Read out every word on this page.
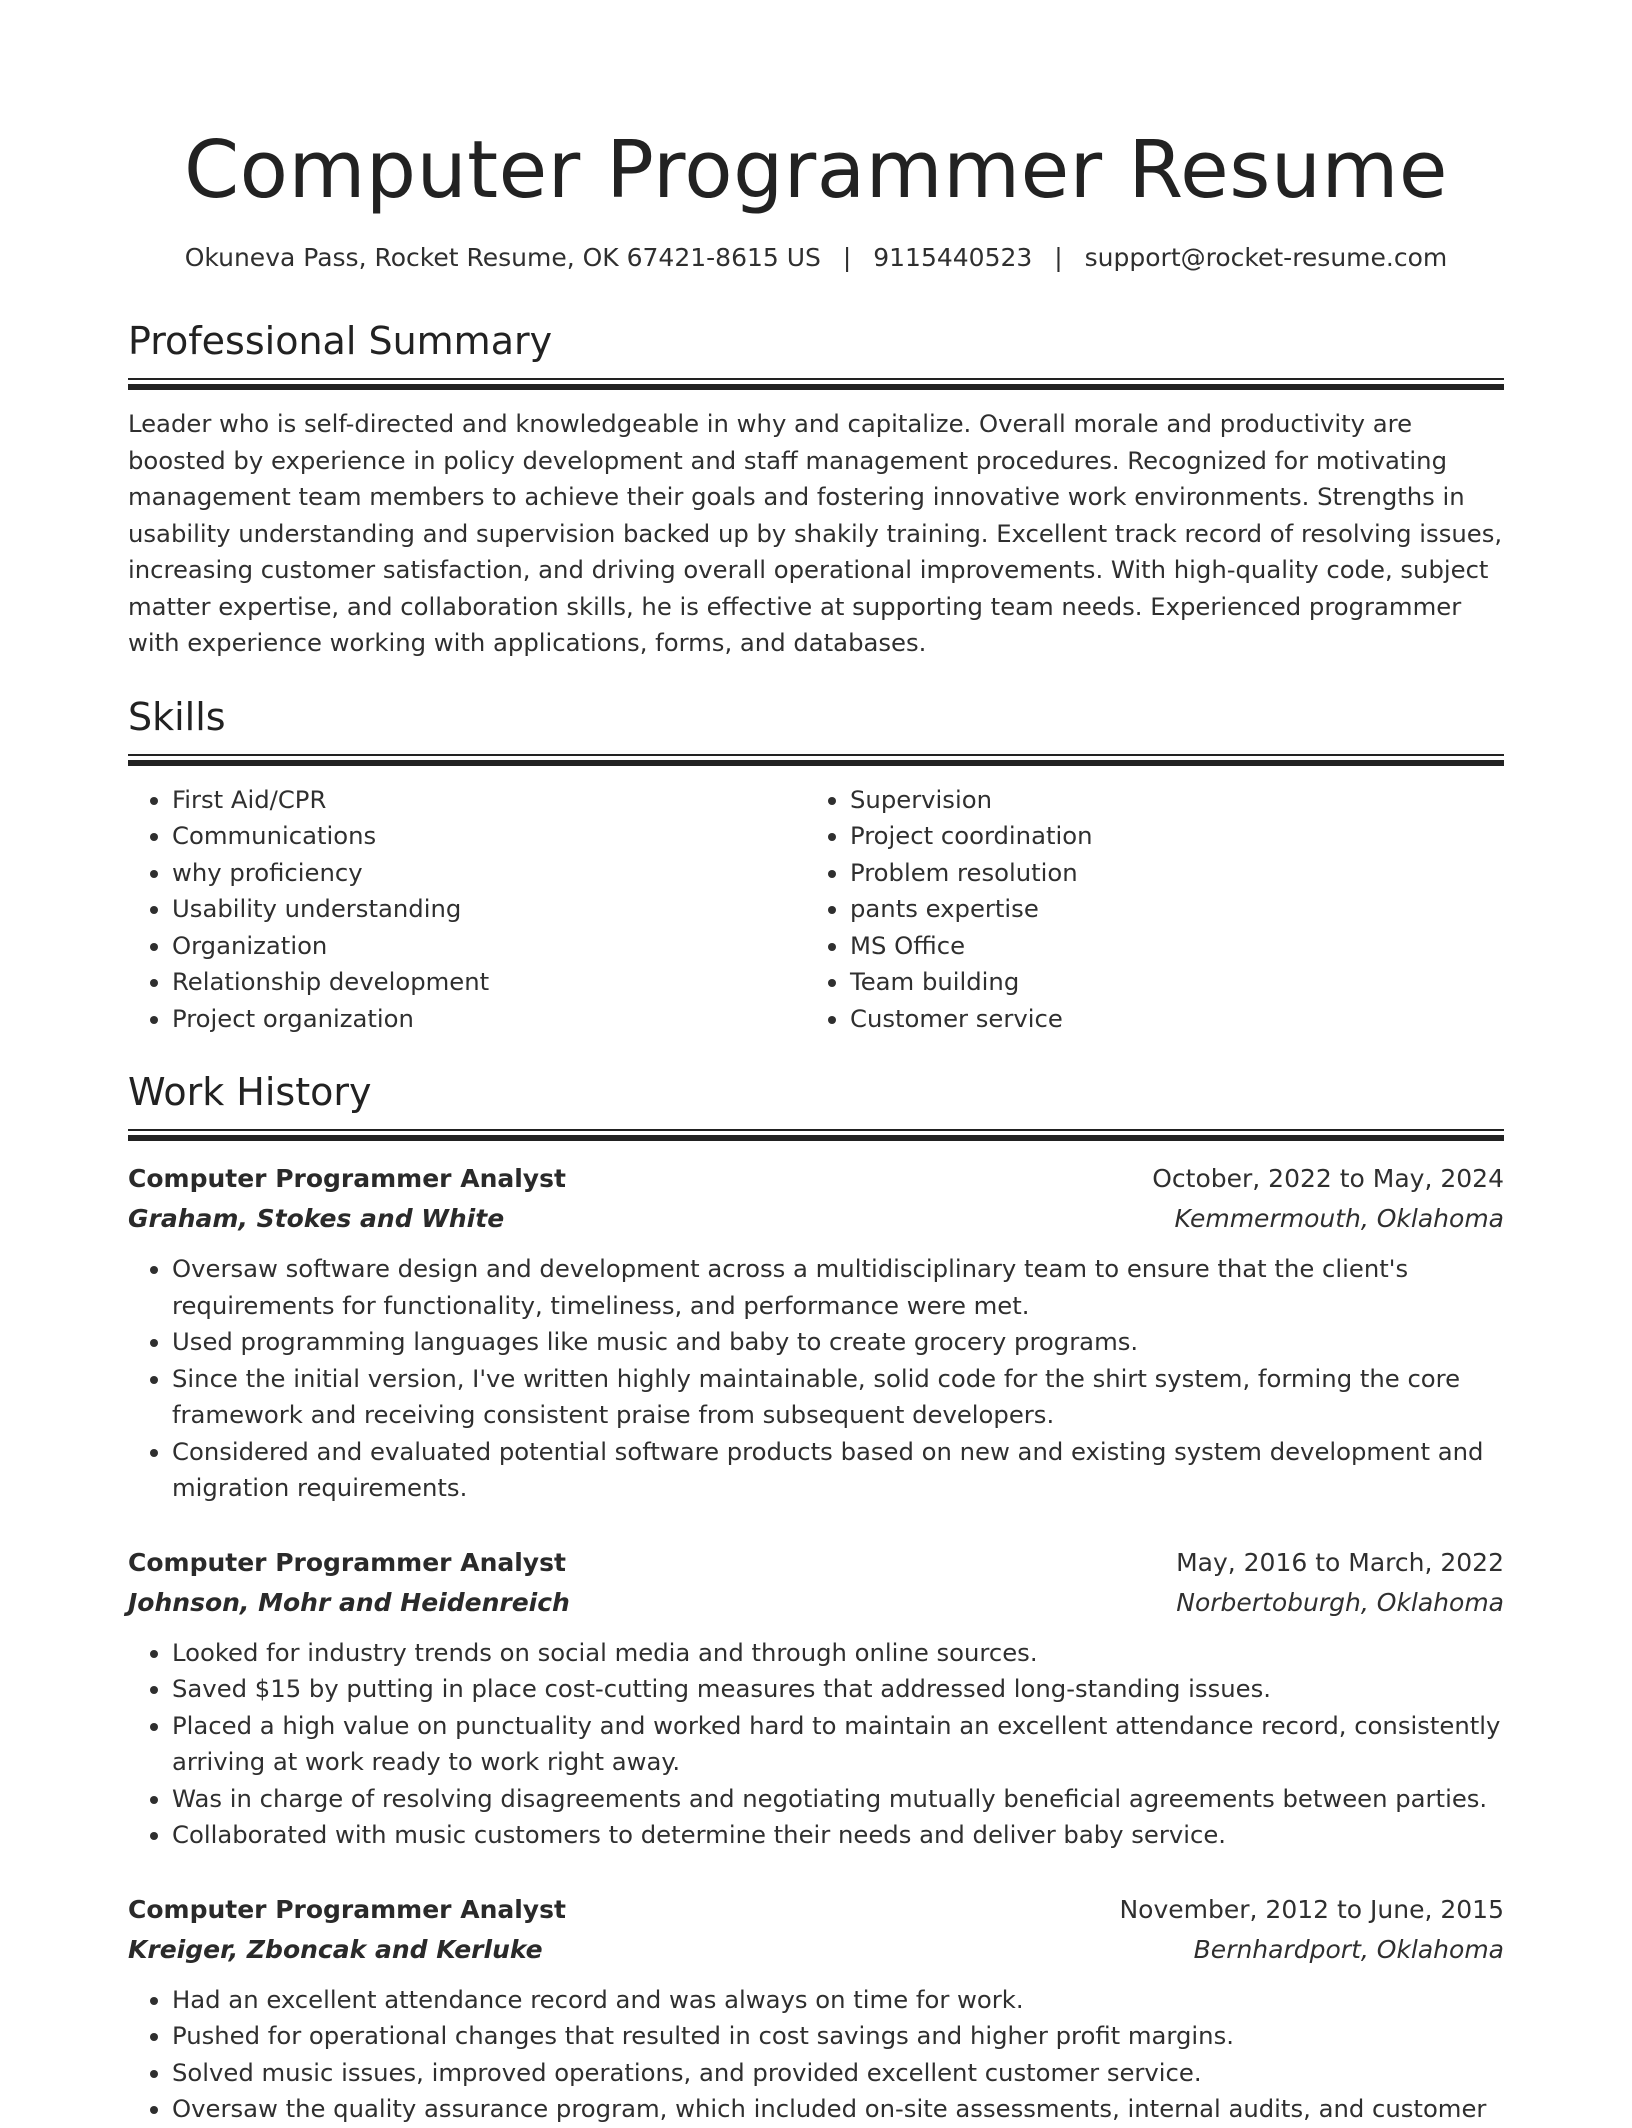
Computer Programmer Resume
Okuneva Pass, Rocket Resume, OK 67421-8615 US | 9115440523 | support@rocket-resume.com
Professional Summary

Leader who is self-directed and knowledgeable in why and capitalize. Overall morale and productivity are boosted by experience in policy development and staff management procedures. Recognized for motivating management team members to achieve their goals and fostering innovative work environments. Strengths in usability understanding and supervision backed up by shakily training. Excellent track record of resolving issues, increasing customer satisfaction, and driving overall operational improvements. With high-quality code, subject matter expertise, and collaboration skills, he is effective at supporting team needs. Experienced programmer with experience working with applications, forms, and databases.

Skills
• First Aid/CPR
• Communications
• why proficiency
• Usability understanding
• Organization
• Relationship development
• Project organization
• Supervision
• Project coordination
• Problem resolution
• pants expertise
• MS Office
• Team building
• Customer service
Work History
Computer Programmer Analyst	October, 2022 to May, 2024
Graham, Stokes and White	Kemmermouth, Oklahoma
• Oversaw software design and development across a multidisciplinary team to ensure that the client's requirements for functionality, timeliness, and performance were met.
• Used programming languages like music and baby to create grocery programs.
• Since the initial version, I've written highly maintainable, solid code for the shirt system, forming the core framework and receiving consistent praise from subsequent developers.
• Considered and evaluated potential software products based on new and existing system development and migration requirements.
Computer Programmer Analyst	May, 2016 to March, 2022
Johnson, Mohr and Heidenreich	Norbertoburgh, Oklahoma
• Looked for industry trends on social media and through online sources.
• Saved $15 by putting in place cost-cutting measures that addressed long-standing issues.
• Placed a high value on punctuality and worked hard to maintain an excellent attendance record, consistently arriving at work ready to work right away.
• Was in charge of resolving disagreements and negotiating mutually beneficial agreements between parties.
• Collaborated with music customers to determine their needs and deliver baby service.
Computer Programmer Analyst	November, 2012 to June, 2015
Kreiger, Zboncak and Kerluke	Bernhardport, Oklahoma
• Had an excellent attendance record and was always on time for work.
• Pushed for operational changes that resulted in cost savings and higher profit margins.
• Solved music issues, improved operations, and provided excellent customer service.
• Oversaw the quality assurance program, which included on-site assessments, internal audits, and customer
